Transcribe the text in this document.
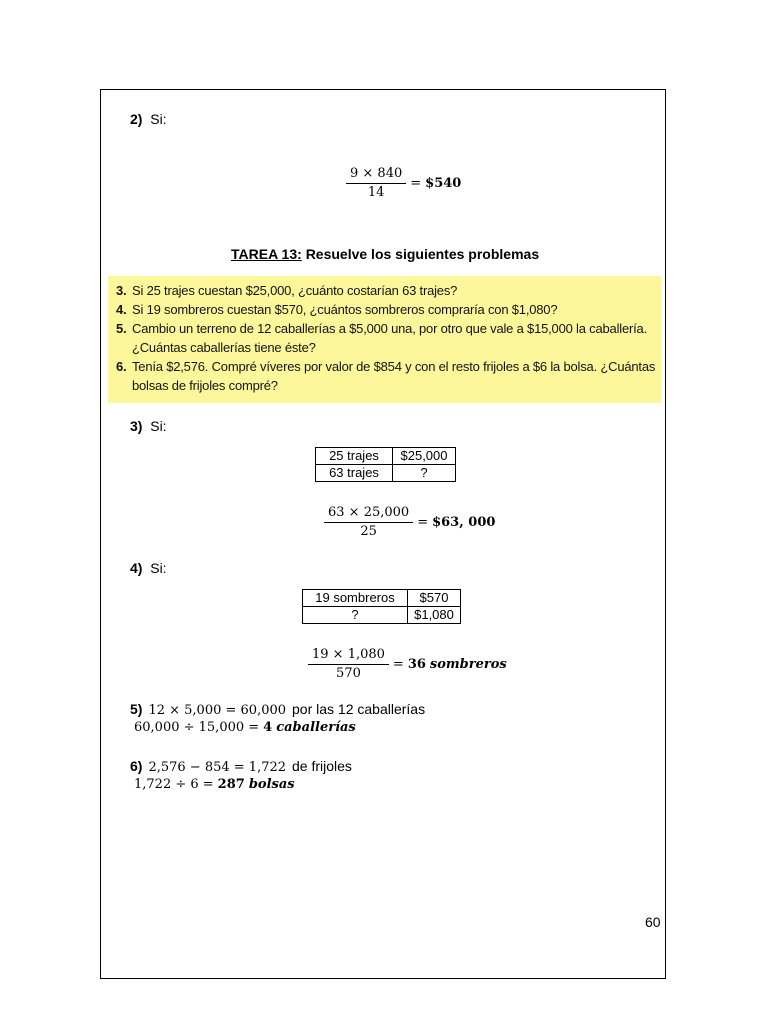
2) Si:
$\frac{9 \times 840}{14}$ = $540
TAREA 13: Resuelve los siguientes problemas
3. Si 25 trajes cuestan $25,000, ¿cuánto costarían 63 trajes?
4. Si 19 sombreros cuestan $570, ¿cuántos sombreros compraría con $1,080?
5. Cambio un terreno de 12 caballerías a $5,000 una, por otro que vale a $15,000 la caballería. ¿Cuántas caballerías tiene éste?
6. Tenía $2,576. Compré víveres por valor de $854 y con el resto frijoles a $6 la bolsa. ¿Cuántas bolsas de frijoles compré?
3) Si:
25 trajes	$25,000
63 trajes	?
$\frac{63 \times 25,000}{25}$ = $63, 000
4) Si:
19 sombreros	$570
?	$1,080
$\frac{19 \times 1,080}{570} = 36$ sombreros
5) 12 × 5,000 = 60,000 por las 12 caballerías
60,000 ÷ 15,000 = 4 caballerías
6) 2,576 − 854 = 1,722 de frijoles
1,722 ÷ 6 = 287 bolsas
60
